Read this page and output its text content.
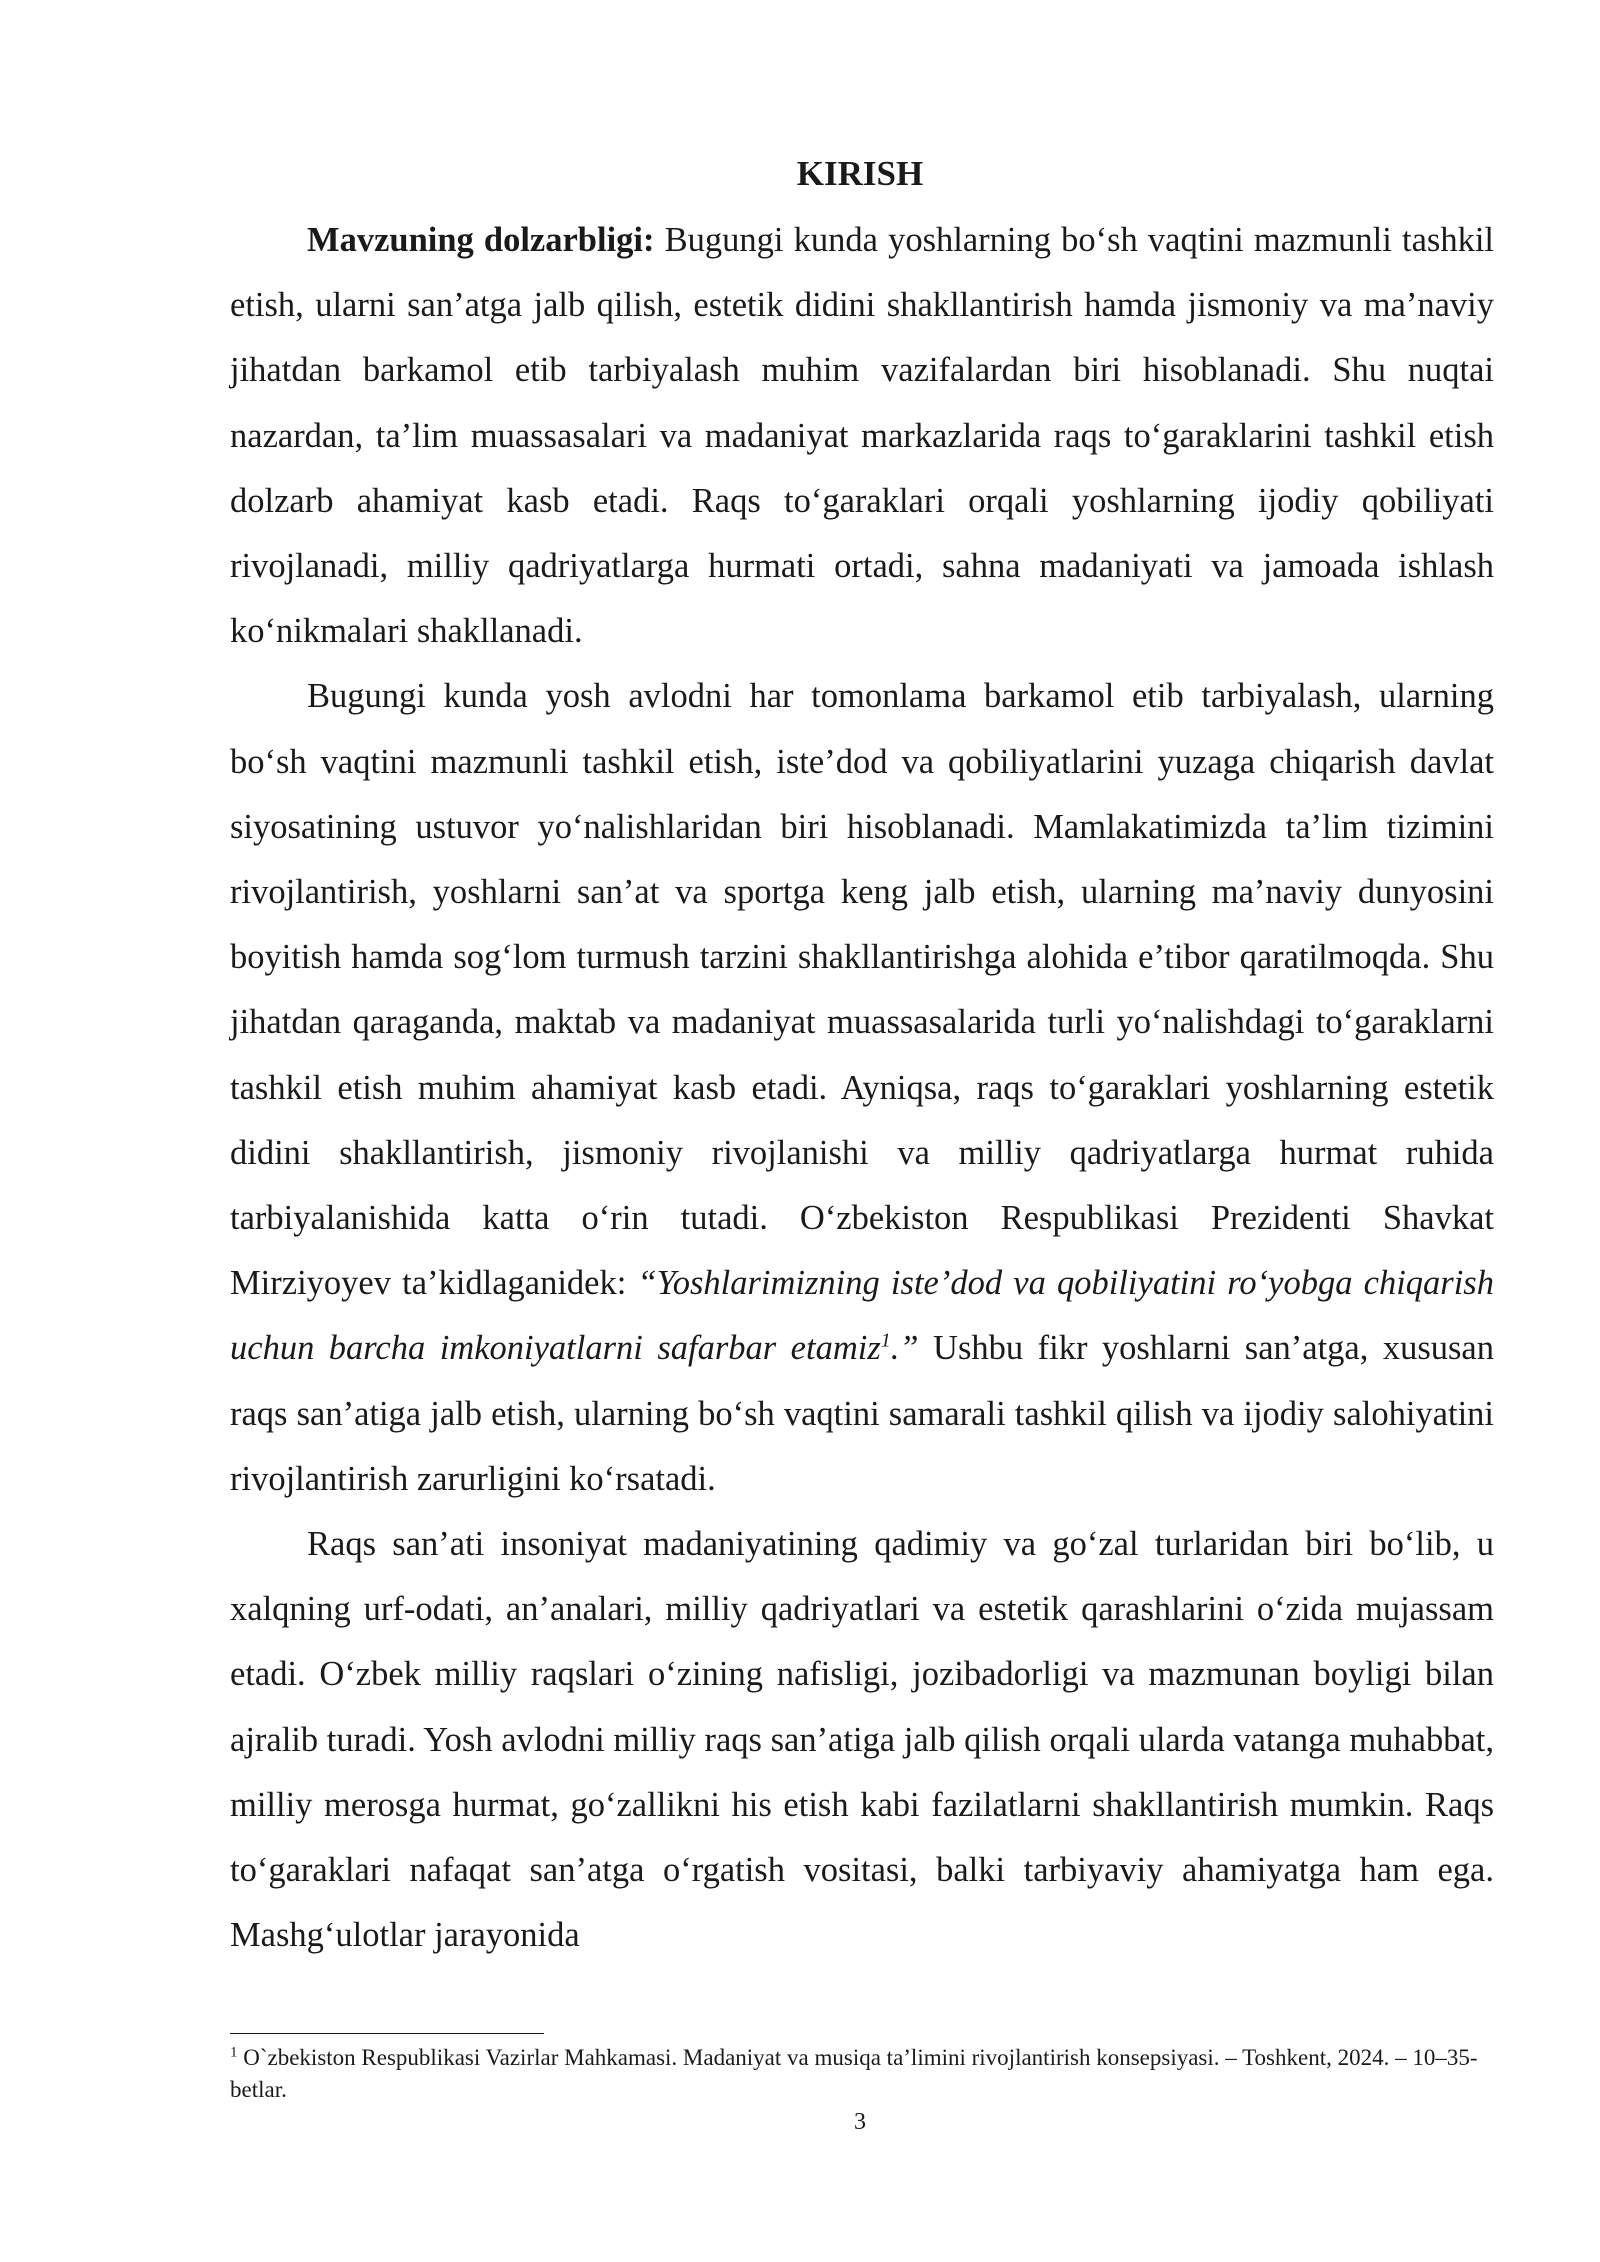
KIRISH

Mavzuning dolzarbligi: Bugungi kunda yoshlarning bo‘sh vaqtini mazmunli tashkil etish, ularni san’atga jalb qilish, estetik didini shakllantirish hamda jismoniy va ma’naviy jihatdan barkamol etib tarbiyalash muhim vazifalardan biri hisoblanadi. Shu nuqtai nazardan, ta’lim muassasalari va madaniyat markazlarida raqs to‘garaklarini tashkil etish dolzarb ahamiyat kasb etadi. Raqs to‘garaklari orqali yoshlarning ijodiy qobiliyati rivojlanadi, milliy qadriyatlarga hurmati ortadi, sahna madaniyati va jamoada ishlash ko‘nikmalari shakllanadi.

Bugungi kunda yosh avlodni har tomonlama barkamol etib tarbiyalash, ularning bo‘sh vaqtini mazmunli tashkil etish, iste’dod va qobiliyatlarini yuzaga chiqarish davlat siyosatining ustuvor yo‘nalishlaridan biri hisoblanadi. Mamlakatimizda ta’lim tizimini rivojlantirish, yoshlarni san’at va sportga keng jalb etish, ularning ma’naviy dunyosini boyitish hamda sog‘lom turmush tarzini shakllantirishga alohida e’tibor qaratilmoqda. Shu jihatdan qaraganda, maktab va madaniyat muassasalarida turli yo‘nalishdagi to‘garaklarni tashkil etish muhim ahamiyat kasb etadi. Ayniqsa, raqs to‘garaklari yoshlarning estetik didini shakllantirish, jismoniy rivojlanishi va milliy qadriyatlarga hurmat ruhida tarbiyalanishida katta o‘rin tutadi. O‘zbekiston Respublikasi Prezidenti Shavkat Mirziyoyev ta’kidlaganidek: “Yoshlarimizning iste’dod va qobiliyatini ro‘yobga chiqarish uchun barcha imkoniyatlarni safarbar etamiz$^1$.” Ushbu fikr yoshlarni san’atga, xususan raqs san’atiga jalb etish, ularning bo‘sh vaqtini samarali tashkil qilish va ijodiy salohiyatini rivojlantirish zarurligini ko‘rsatadi.

Raqs san’ati insoniyat madaniyatining qadimiy va go‘zal turlaridan biri bo‘lib, u xalqning urf-odati, an’analari, milliy qadriyatlari va estetik qarashlarini o‘zida mujassam etadi. O‘zbek milliy raqslari o‘zining nafisligi, jozibadorligi va mazmunan boyligi bilan ajralib turadi. Yosh avlodni milliy raqs san’atiga jalb qilish orqali ularda vatanga muhabbat, milliy merosga hurmat, go‘zallikni his etish kabi fazilatlarni shakllantirish mumkin. Raqs to‘garaklari nafaqat san’atga o‘rgatish vositasi, balki tarbiyaviy ahamiyatga ham ega. Mashg‘ulotlar jarayonida

$^1$ O`zbekiston Respublikasi Vazirlar Mahkamasi. Madaniyat va musiqa ta’limini rivojlantirish konsepsiyasi. – Toshkent, 2024. – 10–35-betlar.

3
